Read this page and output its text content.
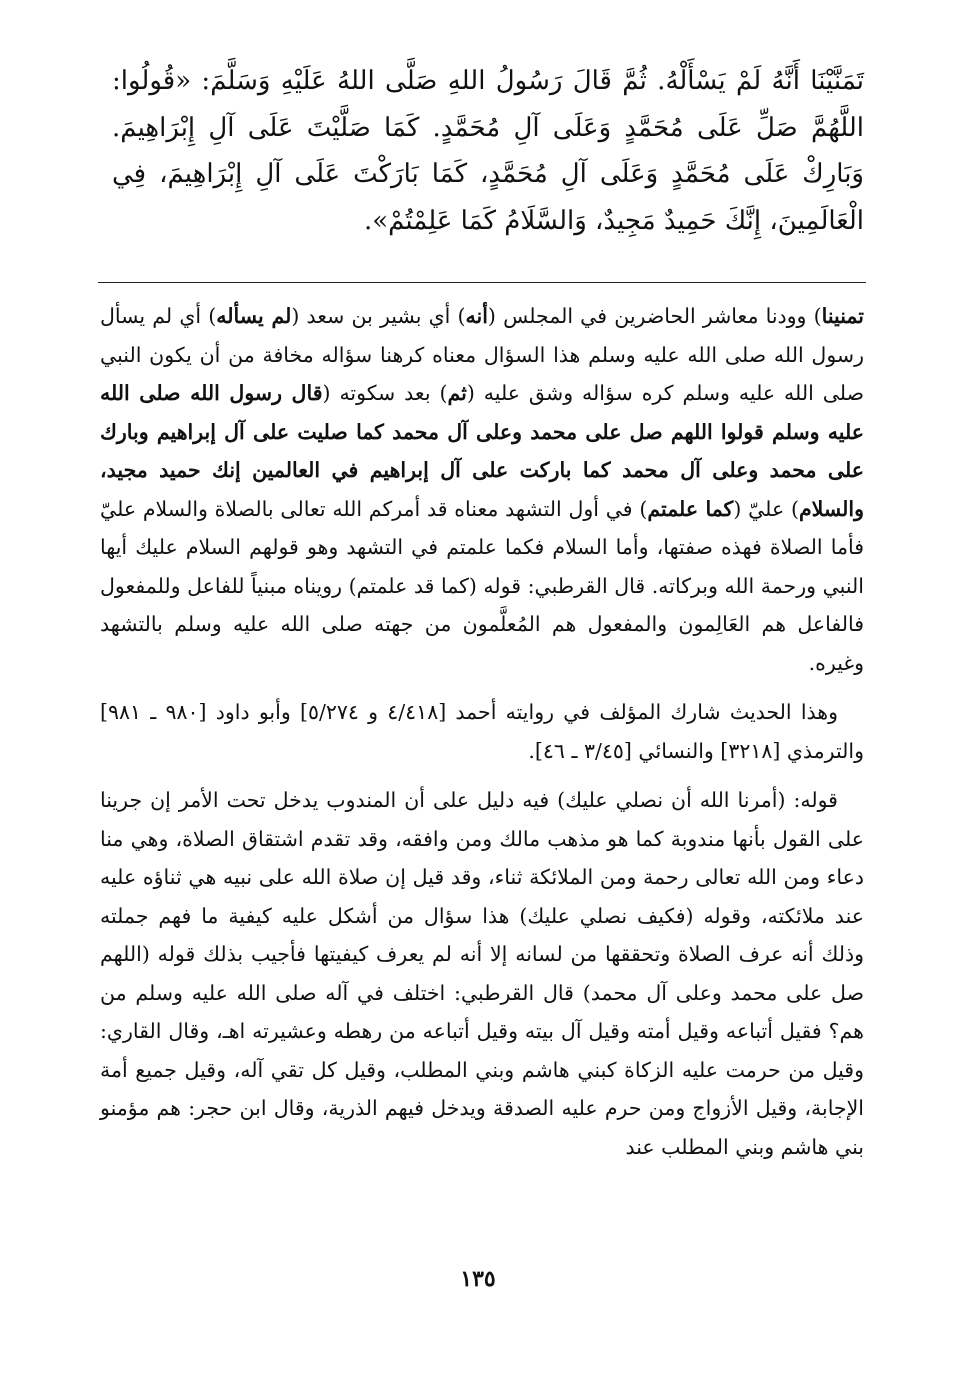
تَمَنَّيْنَا أَنَّهُ لَمْ يَسْأَلْهُ. ثُمَّ قَالَ رَسُولُ اللهِ صَلَّى اللهُ عَلَيْهِ وَسَلَّمَ: «قُولُوا: اللَّهُمَّ صَلِّ عَلَى مُحَمَّدٍ وَعَلَى آلِ مُحَمَّدٍ. كَمَا صَلَّيْتَ عَلَى آلِ إِبْرَاهِيمَ. وَبَارِكْ عَلَى مُحَمَّدٍ وَعَلَى آلِ مُحَمَّدٍ، كَمَا بَارَكْتَ عَلَى آلِ إِبْرَاهِيمَ، فِي الْعَالَمِينَ، إِنَّكَ حَمِيدٌ مَجِيدٌ، وَالسَّلَامُ كَمَا عَلِمْتُمْ».

تمنينا) وودنا معاشر الحاضرين في المجلس (أنه) أي بشير بن سعد (لم يسأله) أي لم يسأل رسول الله صلى الله عليه وسلم هذا السؤال معناه كرهنا سؤاله مخافة من أن يكون النبي صلى الله عليه وسلم كره سؤاله وشق عليه (ثم) بعد سكوته (قال رسول الله صلى الله عليه وسلم قولوا اللهم صل على محمد وعلى آل محمد كما صليت على آل إبراهيم وبارك على محمد وعلى آل محمد كما باركت على آل إبراهيم في العالمين إنك حميد مجيد، والسلام) عليّ (كما علمتم) في أول التشهد معناه قد أمركم الله تعالى بالصلاة والسلام عليّ فأما الصلاة فهذه صفتها، وأما السلام فكما علمتم في التشهد وهو قولهم السلام عليك أيها النبي ورحمة الله وبركاته. قال القرطبي: قوله (كما قد علمتم) رويناه مبنياً للفاعل وللمفعول فالفاعل هم العَالِمون والمفعول هم المُعلَّمون من جهته صلى الله عليه وسلم بالتشهد وغيره.

وهذا الحديث شارك المؤلف في روايته أحمد [٤/٤١٨ و ٥/٢٧٤] وأبو داود [٩٨٠ ـ ٩٨١] والترمذي [٣٢١٨] والنسائي [٣/٤٥ ـ ٤٦].

قوله: (أمرنا الله أن نصلي عليك) فيه دليل على أن المندوب يدخل تحت الأمر إن جرينا على القول بأنها مندوبة كما هو مذهب مالك ومن وافقه، وقد تقدم اشتقاق الصلاة، وهي منا دعاء ومن الله تعالى رحمة ومن الملائكة ثناء، وقد قيل إن صلاة الله على نبيه هي ثناؤه عليه عند ملائكته، وقوله (فكيف نصلي عليك) هذا سؤال من أشكل عليه كيفية ما فهم جملته وذلك أنه عرف الصلاة وتحققها من لسانه إلا أنه لم يعرف كيفيتها فأجيب بذلك قوله (اللهم صل على محمد وعلى آل محمد) قال القرطبي: اختلف في آله صلى الله عليه وسلم من هم؟ فقيل أتباعه وقيل أمته وقيل آل بيته وقيل أتباعه من رهطه وعشيرته اهـ، وقال القاري: وقيل من حرمت عليه الزكاة كبني هاشم وبني المطلب، وقيل كل تقي آله، وقيل جميع أمة الإجابة، وقيل الأزواج ومن حرم عليه الصدقة ويدخل فيهم الذرية، وقال ابن حجر: هم مؤمنو بني هاشم وبني المطلب عند

١٣٥
